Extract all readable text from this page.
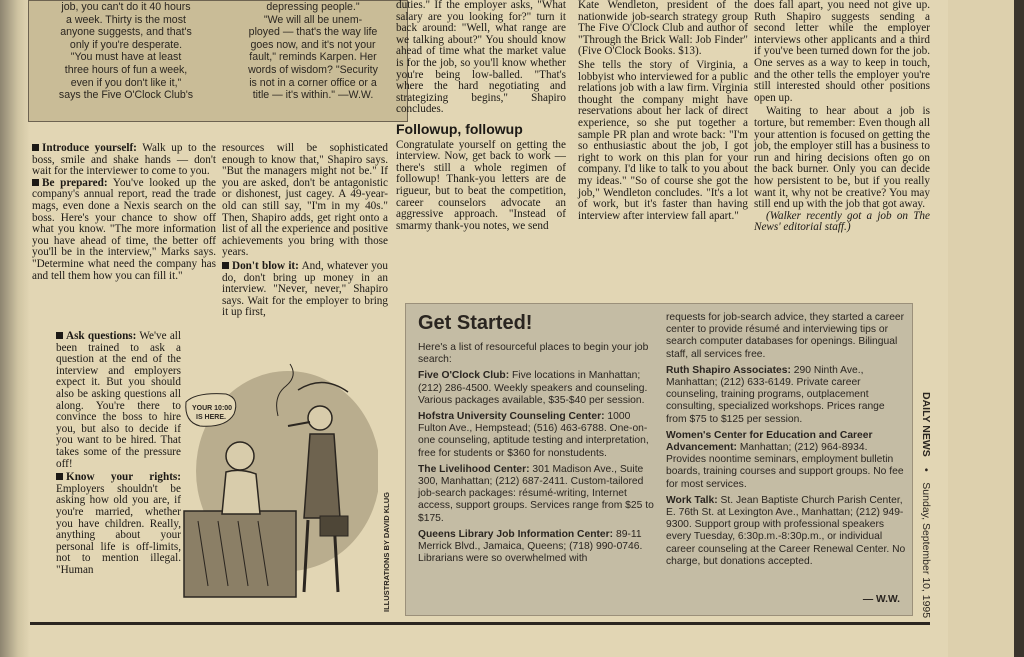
job, you can't do it 40 hours
a week. Thirty is the most
anyone suggests, and that's
only if you're desperate.
"You must have at least
three hours of fun a week,
even if you don't like it,"
says the Five O'Clock Club's
depressing people."
"We will all be unem-
ployed — that's the way life
goes now, and it's not your
fault," reminds Karpen. Her
words of wisdom? "Security
is not in a corner office or a
title — it's within." —W.W.

Introduce yourself: Walk up to the boss, smile and shake hands — don't wait for the interviewer to come to you.

Be prepared: You've looked up the company's annual report, read the trade mags, even done a Nexis search on the boss. Here's your chance to show off what you know. "The more information you have ahead of time, the better off you'll be in the interview," Marks says. "Determine what need the company has and tell them how you can fill it."

Ask questions: We've all been trained to ask a question at the end of the interview and employers expect it. But you should also be asking questions all along. You're there to convince the boss to hire you, but also to decide if you want to be hired. That takes some of the pressure off!

Know your rights: Employers shouldn't be asking how old you are, if you're married, whether you have children. Really, anything about your personal life is off-limits, not to mention illegal. "Human

resources will be sophisticated enough to know that," Shapiro says. "But the managers might not be." If you are asked, don't be antagonistic or dishonest, just cagey. A 49-year-old can still say, "I'm in my 40s." Then, Shapiro adds, get right onto a list of all the experience and positive achievements you bring with those years.

Don't blow it: And, whatever you do, don't bring up money in an interview. "Never, never," Shapiro says. Wait for the employer to bring it up first,

YOUR 10:00 IS HERE.
ILLUSTRATIONS BY DAVID KLUG

duties." If the employer asks, "What salary are you looking for?" turn it back around: "Well, what range are we talking about?" You should know ahead of time what the market value is for the job, so you'll know whether you're being low-balled. "That's where the hard negotiating and strategizing begins," Shapiro concludes.

Followup, followup

Congratulate yourself on getting the interview. Now, get back to work — there's still a whole regimen of followup! Thank-you letters are de rigueur, but to beat the competition, career counselors advocate an aggressive approach. "Instead of smarmy thank-you notes, we send

Kate Wendleton, president of the nationwide job-search strategy group The Five O'Clock Club and author of "Through the Brick Wall: Job Finder" (Five O'Clock Books. $13).

She tells the story of Virginia, a lobbyist who interviewed for a public relations job with a law firm. Virginia thought the company might have reservations about her lack of direct experience, so she put together a sample PR plan and wrote back: "I'm so enthusiastic about the job, I got right to work on this plan for your company. I'd like to talk to you about my ideas." "So of course she got the job," Wendleton concludes. "It's a lot of work, but it's faster than having interview after interview fall apart."

does fall apart, you need not give up. Ruth Shapiro suggests sending a second letter while the employer interviews other applicants and a third if you've been turned down for the job. One serves as a way to keep in touch, and the other tells the employer you're still interested should other positions open up.

Waiting to hear about a job is torture, but remember: Even though all your attention is focused on getting the job, the employer still has a business to run and hiring decisions often go on the back burner. Only you can decide how persistent to be, but if you really want it, why not be creative? You may still end up with the job that got away.

(Walker recently got a job on The News' editorial staff.)

Get Started!

Here's a list of resourceful places to begin your job search:

Five O'Clock Club: Five locations in Manhattan; (212) 286-4500. Weekly speakers and counseling. Various packages available, $35-$40 per session.

Hofstra University Counseling Center: 1000 Fulton Ave., Hempstead; (516) 463-6788. One-on-one counseling, aptitude testing and interpretation, free for students or $360 for nonstudents.

The Livelihood Center: 301 Madison Ave., Suite 300, Manhattan; (212) 687-2411. Custom-tailored job-search packages: résumé-writing, Internet access, support groups. Services range from $25 to $175.

Queens Library Job Information Center: 89-11 Merrick Blvd., Jamaica, Queens; (718) 990-0746. Librarians were so overwhelmed with

requests for job-search advice, they started a career center to provide résumé and interviewing tips or search computer databases for openings. Bilingual staff, all services free.

Ruth Shapiro Associates: 290 Ninth Ave., Manhattan; (212) 633-6149. Private career counseling, training programs, outplacement consulting, specialized workshops. Prices range from $75 to $125 per session.

Women's Center for Education and Career Advancement: Manhattan; (212) 964-8934. Provides noontime seminars, employment bulletin boards, training courses and support groups. No fee for most services.

Work Talk: St. Jean Baptiste Church Parish Center, E. 76th St. at Lexington Ave., Manhattan; (212) 949-9300. Support group with professional speakers every Tuesday, 6:30p.m.-8:30p.m., or individual career counseling at the Career Renewal Center. No charge, but donations accepted.

— W.W.
DAILY NEWS • Sunday, September 10, 1995
